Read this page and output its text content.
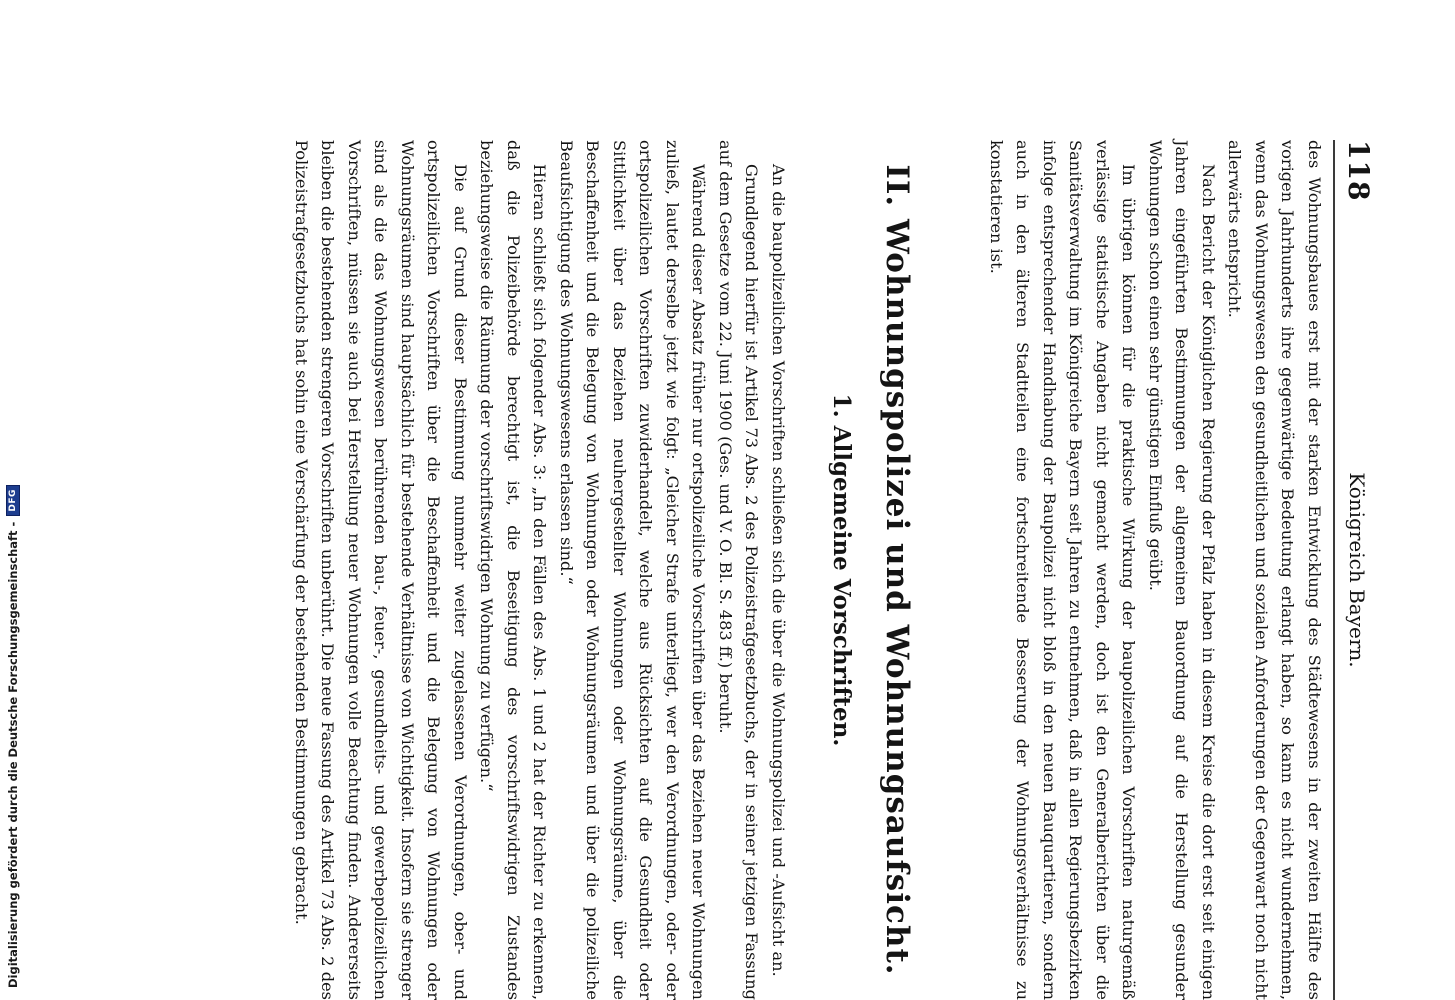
118
Königreich Bayern.

des Wohnungsbaues erst mit der starken Entwicklung des Städtewesens in der zweiten Hälfte des vorigen Jahrhunderts ihre gegenwärtige Bedeutung erlangt haben, so kann es nicht wundernehmen, wenn das Wohnungswesen den gesundheitlichen und sozialen Anforderungen der Gegenwart noch nicht allerwärts entspricht.

Nach Bericht der Königlichen Regierung der Pfalz haben in diesem Kreise die dort erst seit einigen Jahren eingeführten Bestimmungen der allgemeinen Bauordnung auf die Herstellung gesunder Wohnungen schon einen sehr günstigen Einfluß geübt.

Im übrigen können für die praktische Wirkung der baupolizeilichen Vorschriften naturgemäß verlässige statistische Angaben nicht gemacht werden, doch ist den Generalberichten über die Sanitätsverwaltung im Königreiche Bayern seit Jahren zu entnehmen, daß in allen Regierungsbezirken infolge entsprechender Handhabung der Baupolizei nicht bloß in den neuen Bauquartieren, sondern auch in den älteren Stadtteilen eine fortschreitende Besserung der Wohnungsverhältnisse zu konstatieren ist.

II. Wohnungspolizei und Wohnungsaufsicht.
1. Allgemeine Vorschriften.

An die baupolizeilichen Vorschriften schließen sich die über die Wohnungspolizei und -Aufsicht an.

Grundlegend hierfür ist Artikel 73 Abs. 2 des Polizeistrafgesetzbuchs, der in seiner jetzigen Fassung auf dem Gesetze vom 22. Juni 1900 (Ges. und V. O. Bl. S. 483 ff.) beruht.

Während dieser Absatz früher nur ortspolizeiliche Vorschriften über das Beziehen neuer Wohnungen zuließ, lautet derselbe jetzt wie folgt: „Gleicher Strafe unterliegt, wer den Verordnungen, oder- oder ortspolizeilichen Vorschriften zuwiderhandelt, welche aus Rücksichten auf die Gesundheit oder Sittlichkeit über das Beziehen neuhergestellter Wohnungen oder Wohnungsräume, über die Beschaffenheit und die Belegung von Wohnungen oder Wohnungsräumen und über die polizeiliche Beaufsichtigung des Wohnungswesens erlassen sind.“

Hieran schließt sich folgender Abs. 3: „In den Fällen des Abs. 1 und 2 hat der Richter zu erkennen, daß die Polizeibehörde berechtigt ist, die Beseitigung des vorschriftswidrigen Zustandes beziehungsweise die Räumung der vorschriftswidrigen Wohnung zu verfügen.“

Die auf Grund dieser Bestimmung nunmehr weiter zugelassenen Verordnungen, ober- und ortspolizeilichen Vorschriften über die Beschaffenheit und die Belegung von Wohnungen oder Wohnungsräumen sind hauptsächlich für bestehende Verhältnisse von Wichtigkeit. Insofern sie strenger sind als die das Wohnungswesen berührenden bau-, feuer-, gesundheits- und gewerbepolizeilichen Vorschriften, müssen sie auch bei Herstellung neuer Wohnungen volle Beachtung finden. Andererseits bleiben die bestehenden strengeren Vorschriften unberührt. Die neue Fassung des Artikel 73 Abs. 2 des Polizeistrafgesetzbuchs hat sohin eine Verschärfung der bestehenden Bestimmungen gebracht.

Digitalisierung gefördert durch die Deutsche Forschungsgemeinschaft -
DFG
